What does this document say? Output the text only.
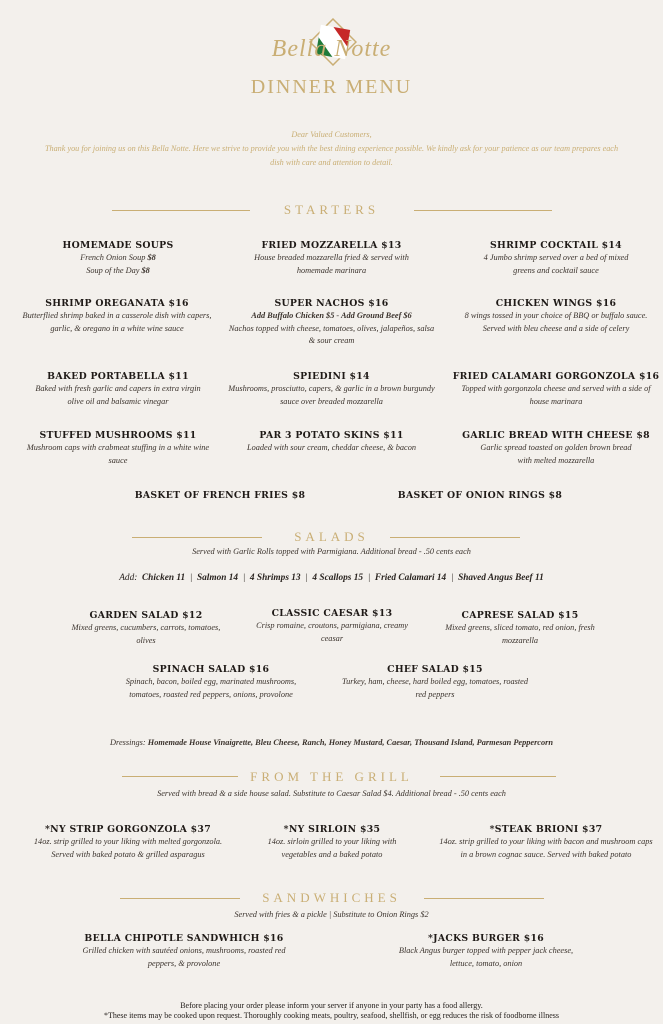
Bella Notte
DINNER MENU
Dear Valued Customers,
Thank you for joining us on this Bella Notte. Here we strive to provide you with the best dining experience possible. We kindly ask for your patience as our team prepares each dish with care and attention to detail.
STARTERS
HOMEMADE SOUPS
French Onion Soup $8
Soup of the Day $8
FRIED MOZZARELLA $13
House breaded mozzarella fried & served with homemade marinara
SHRIMP COCKTAIL $14
4 Jumbo shrimp served over a bed of mixed greens and cocktail sauce
SHRIMP OREGANATA $16
Butterflied shrimp baked in a casserole dish with capers, garlic, & oregano in a white wine sauce
SUPER NACHOS $16
Add Buffalo Chicken $5 - Add Ground Beef $6
Nachos topped with cheese, tomatoes, olives, jalapeños, salsa & sour cream
CHICKEN WINGS $16
8 wings tossed in your choice of BBQ or buffalo sauce.
Served with bleu cheese and a side of celery
BAKED PORTABELLA $11
Baked with fresh garlic and capers in extra virgin olive oil and balsamic vinegar
SPIEDINI $14
Mushrooms, prosciutto, capers, & garlic in a brown burgundy sauce over breaded mozzarella
FRIED CALAMARI GORGONZOLA $16
Topped with gorgonzola cheese and served with a side of house marinara
STUFFED MUSHROOMS $11
Mushroom caps with crabmeat stuffing in a white wine sauce
PAR 3 POTATO SKINS $11
Loaded with sour cream, cheddar cheese, & bacon
GARLIC BREAD WITH CHEESE $8
Garlic spread toasted on golden brown bread with melted mozzarella
BASKET OF FRENCH FRIES $8	BASKET OF ONION RINGS $8
SALADS
Served with Garlic Rolls topped with Parmigiana. Additional bread - .50 cents each
Add: Chicken 11  |  Salmon 14  |  4 Shrimps 13  |  4 Scallops 15  |  Fried Calamari 14  |  Shaved Angus Beef 11
GARDEN SALAD $12
Mixed greens, cucumbers, carrots, tomatoes, olives
CLASSIC CAESAR $13
Crisp romaine, croutons, parmigiana, creamy ceasar
CAPRESE SALAD $15
Mixed greens, sliced tomato, red onion, fresh mozzarella
SPINACH SALAD $16
Spinach, bacon, boiled egg, marinated mushrooms, tomatoes, roasted red peppers, onions, provolone
CHEF SALAD $15
Turkey, ham, cheese, hard boiled egg, tomatoes, roasted red peppers
Dressings: Homemade House Vinaigrette, Bleu Cheese, Ranch, Honey Mustard, Caesar, Thousand Island, Parmesan Peppercorn
FROM THE GRILL
Served with bread & a side house salad. Substitute to Caesar Salad $4. Additional bread - .50 cents each
*NY STRIP GORGONZOLA $37
14oz. strip grilled to your liking with melted gorgonzola. Served with baked potato & grilled asparagus
*NY SIRLOIN $35
14oz. sirloin grilled to your liking with vegetables and a baked potato
*STEAK BRIONI $37
14oz. strip grilled to your liking with bacon and mushroom caps in a brown cognac sauce. Served with baked potato
SANDWHICHES
Served with fries & a pickle | Substitute to Onion Rings $2
BELLA CHIPOTLE SANDWHICH $16
Grilled chicken with sautéed onions, mushrooms, roasted red peppers, & provolone
*JACKS BURGER $16
Black Angus burger topped with pepper jack cheese, lettuce, tomato, onion
Before placing your order please inform your server if anyone in your party has a food allergy.
*These items may be cooked upon request. Thoroughly cooking meats, poultry, seafood, shellfish, or egg reduces the risk of foodborne illness
